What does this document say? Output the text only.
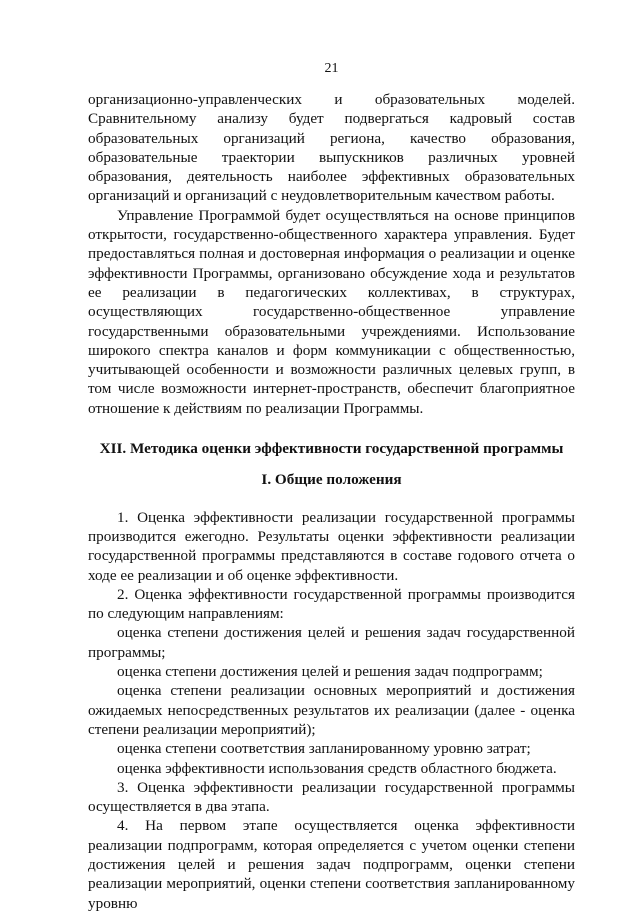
21

организационно-управленческих и образовательных моделей. Сравнительному анализу будет подвергаться кадровый состав образовательных организаций региона, качество образования, образовательные траектории выпускников различных уровней образования, деятельность наиболее эффективных образовательных организаций и организаций с неудовлетворительным качеством работы.

Управление Программой будет осуществляться на основе принципов открытости, государственно-общественного характера управления. Будет предоставляться полная и достоверная информация о реализации и оценке эффективности Программы, организовано обсуждение хода и результатов ее реализации в педагогических коллективах, в структурах, осуществляющих государственно-общественное управление государственными образовательными учреждениями. Использование широкого спектра каналов и форм коммуникации с общественностью, учитывающей особенности и возможности различных целевых групп, в том числе возможности интернет-пространств, обеспечит благоприятное отношение к действиям по реализации Программы.

XII. Методика оценки эффективности государственной программы

I. Общие положения

1. Оценка эффективности реализации государственной программы производится ежегодно. Результаты оценки эффективности реализации государственной программы представляются в составе годового отчета о ходе ее реализации и об оценке эффективности.

2. Оценка эффективности государственной программы производится по следующим направлениям:

оценка степени достижения целей и решения задач государственной программы;

оценка степени достижения целей и решения задач подпрограмм;

оценка степени реализации основных мероприятий и достижения ожидаемых непосредственных результатов их реализации (далее - оценка степени реализации мероприятий);

оценка степени соответствия запланированному уровню затрат;

оценка эффективности использования средств областного бюджета.

3. Оценка эффективности реализации государственной программы осуществляется в два этапа.

4. На первом этапе осуществляется оценка эффективности реализации подпрограмм, которая определяется с учетом оценки степени достижения целей и решения задач подпрограмм, оценки степени реализации мероприятий, оценки степени соответствия запланированному уровню
